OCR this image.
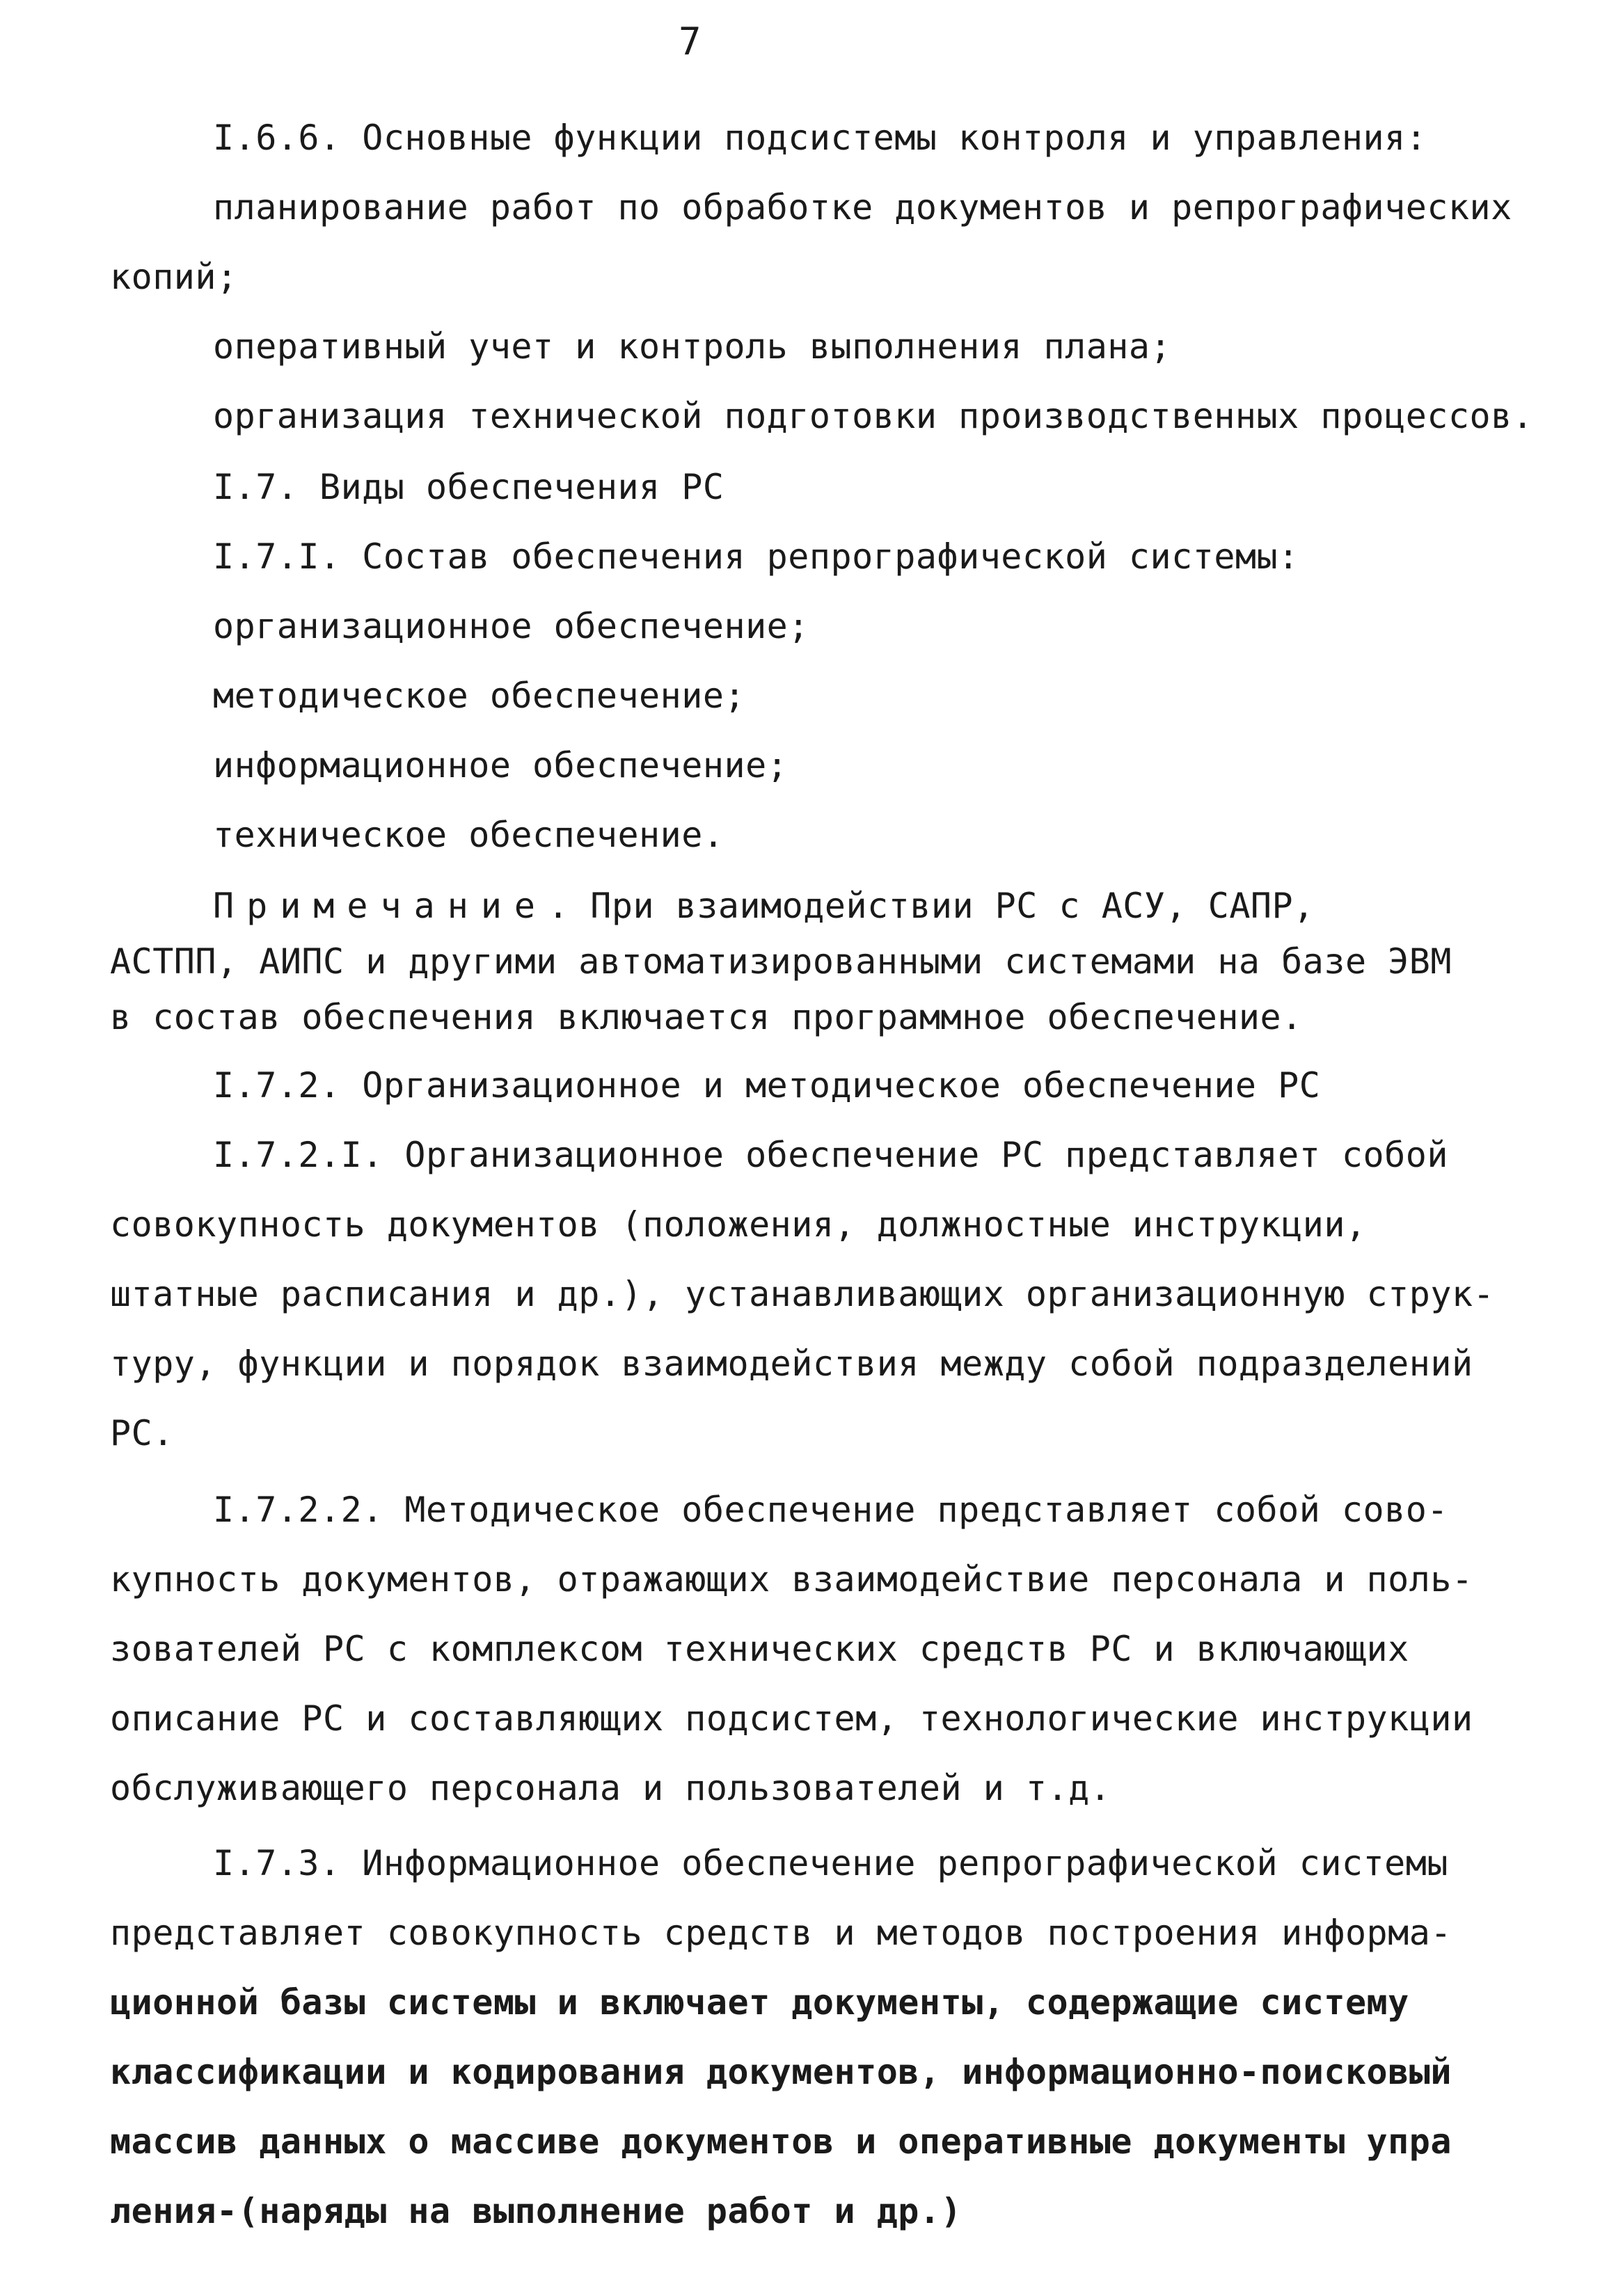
7
I.6.6. Основные функции подсистемы контроля и управления:
планирование работ по обработке документов и репрографических
копий;
оперативный учет и контроль выполнения плана;
организация технической подготовки производственных процессов.
I.7. Виды обеспечения РС
I.7.I. Состав обеспечения репрографической системы:
организационное обеспечение;
методическое обеспечение;
информационное обеспечение;
техническое обеспечение.
Примечание. При взаимодействии РС с АСУ, САПР,
АСТПП, АИПС и другими автоматизированными системами на базе ЭВМ
в состав обеспечения включается программное обеспечение.
I.7.2. Организационное и методическое обеспечение РС
I.7.2.I. Организационное обеспечение РС представляет собой
совокупность документов (положения, должностные инструкции,
штатные расписания и др.), устанавливающих организационную струк-
туру, функции и порядок взаимодействия между собой подразделений
РС.
I.7.2.2. Методическое обеспечение представляет собой сово-
купность документов, отражающих взаимодействие персонала и поль-
зователей РС с комплексом технических средств РС и включающих
описание РС и составляющих подсистем, технологические инструкции
обслуживающего персонала и пользователей и т.д.
I.7.3. Информационное обеспечение репрографической системы
представляет совокупность средств и методов построения информа-
ционной базы системы и включает документы, содержащие систему
классификации и кодирования документов, информационно-поисковый
массив данных о массиве документов и оперативные документы упра
ления-(наряды на выполнение работ и др.)
